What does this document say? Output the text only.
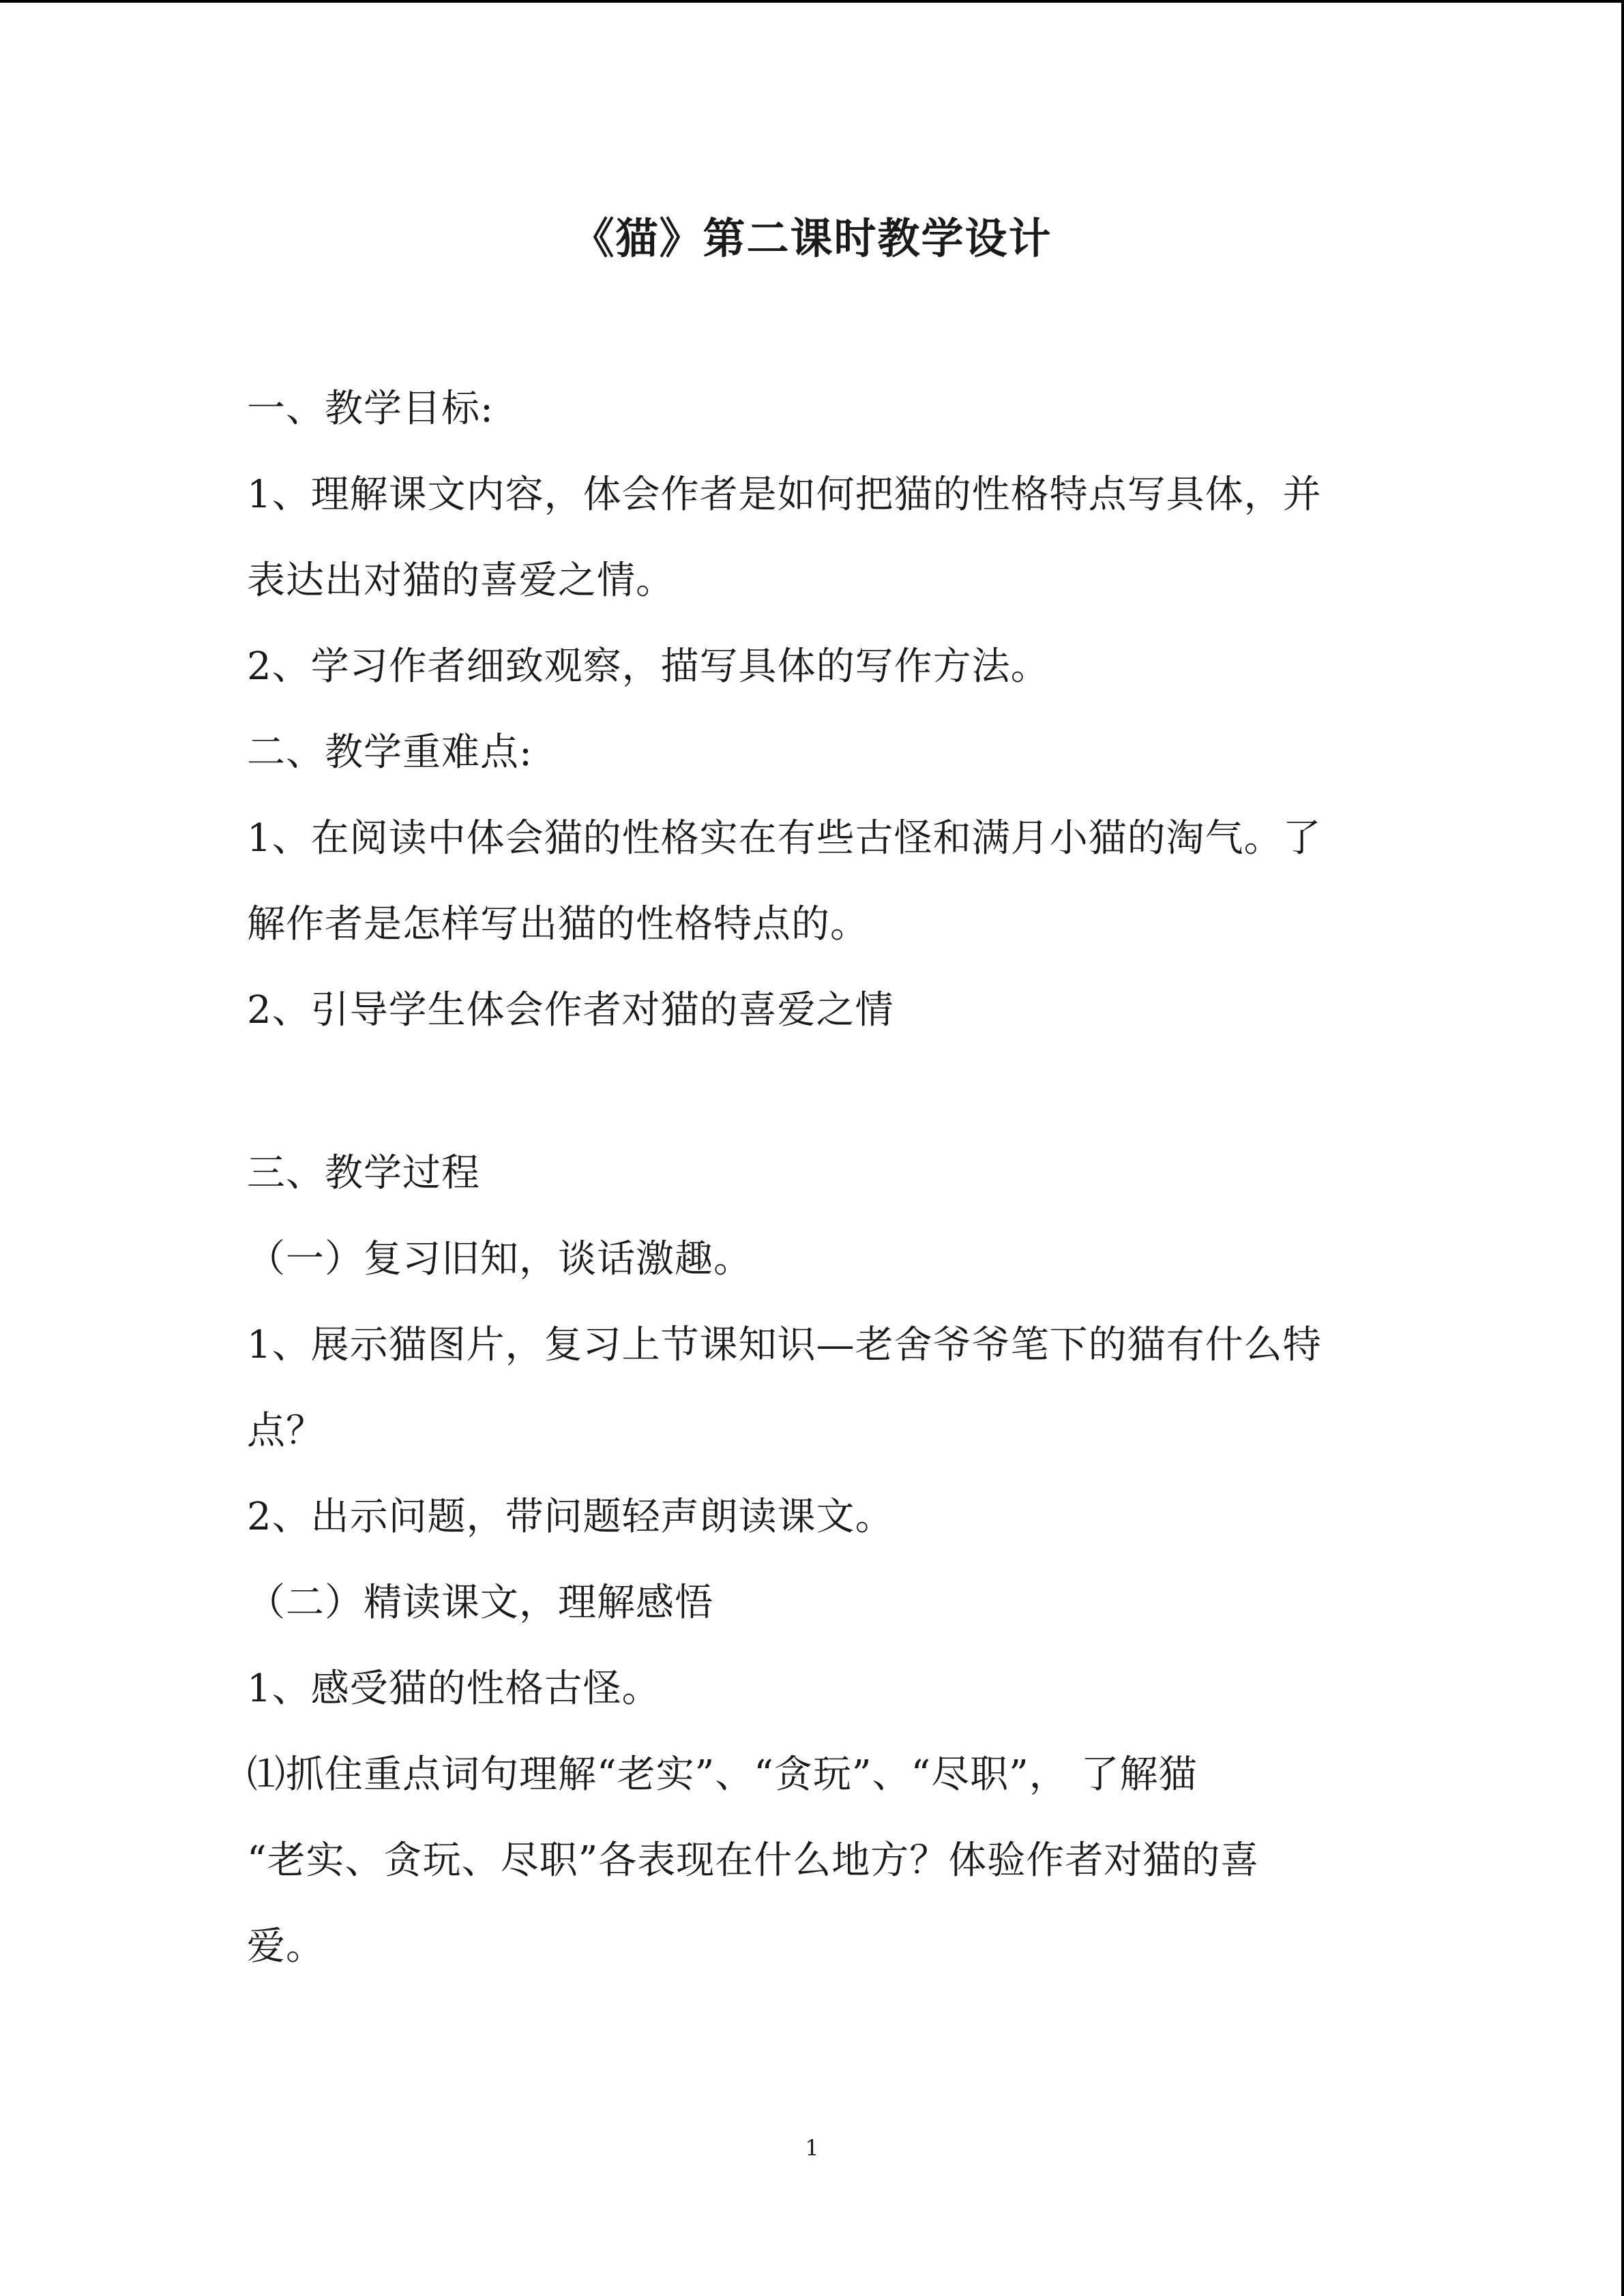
《猫》第二课时教学设计
一、教学目标:
1、理解课文内容，体会作者是如何把猫的性格特点写具体，并
表达出对猫的喜爱之情。
2、学习作者细致观察，描写具体的写作方法。
二、教学重难点:
1、在阅读中体会猫的性格实在有些古怪和满月小猫的淘气。了
解作者是怎样写出猫的性格特点的。
2、引导学生体会作者对猫的喜爱之情
三、教学过程
（一）复习旧知，谈话激趣。
1、展示猫图片，复习上节课知识—老舍爷爷笔下的猫有什么特
点？
2、出示问题，带问题轻声朗读课文。
（二）精读课文，理解感悟
1、感受猫的性格古怪。
⑴抓住重点词句理解“老实”、“贪玩”、“尽职”， 了解猫
“老实、贪玩、尽职”各表现在什么地方？体验作者对猫的喜
爱。
1
